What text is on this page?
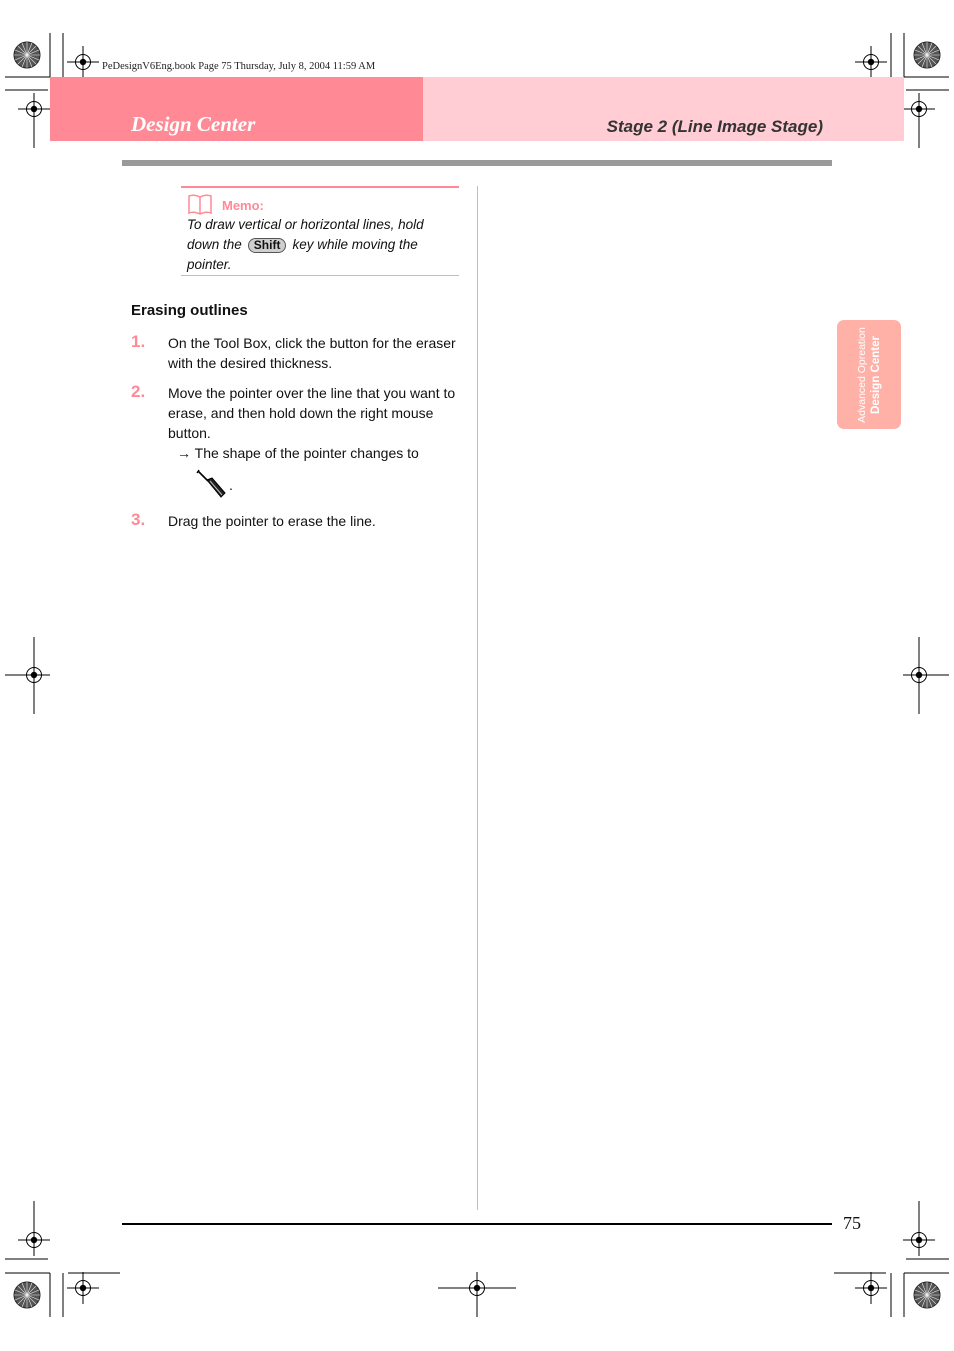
PeDesignV6Eng.book Page 75 Thursday, July 8, 2004 11:59 AM
Design Center	Stage 2 (Line Image Stage)
Memo:
To draw vertical or horizontal lines, hold down the Shift key while moving the pointer.
Erasing outlines
1. On the Tool Box, click the button for the eraser with the desired thickness.
2. Move the pointer over the line that you want to erase, and then hold down the right mouse button.
→ The shape of the pointer changes to
.
3. Drag the pointer to erase the line.
Advanced Opreation Design Center
75
